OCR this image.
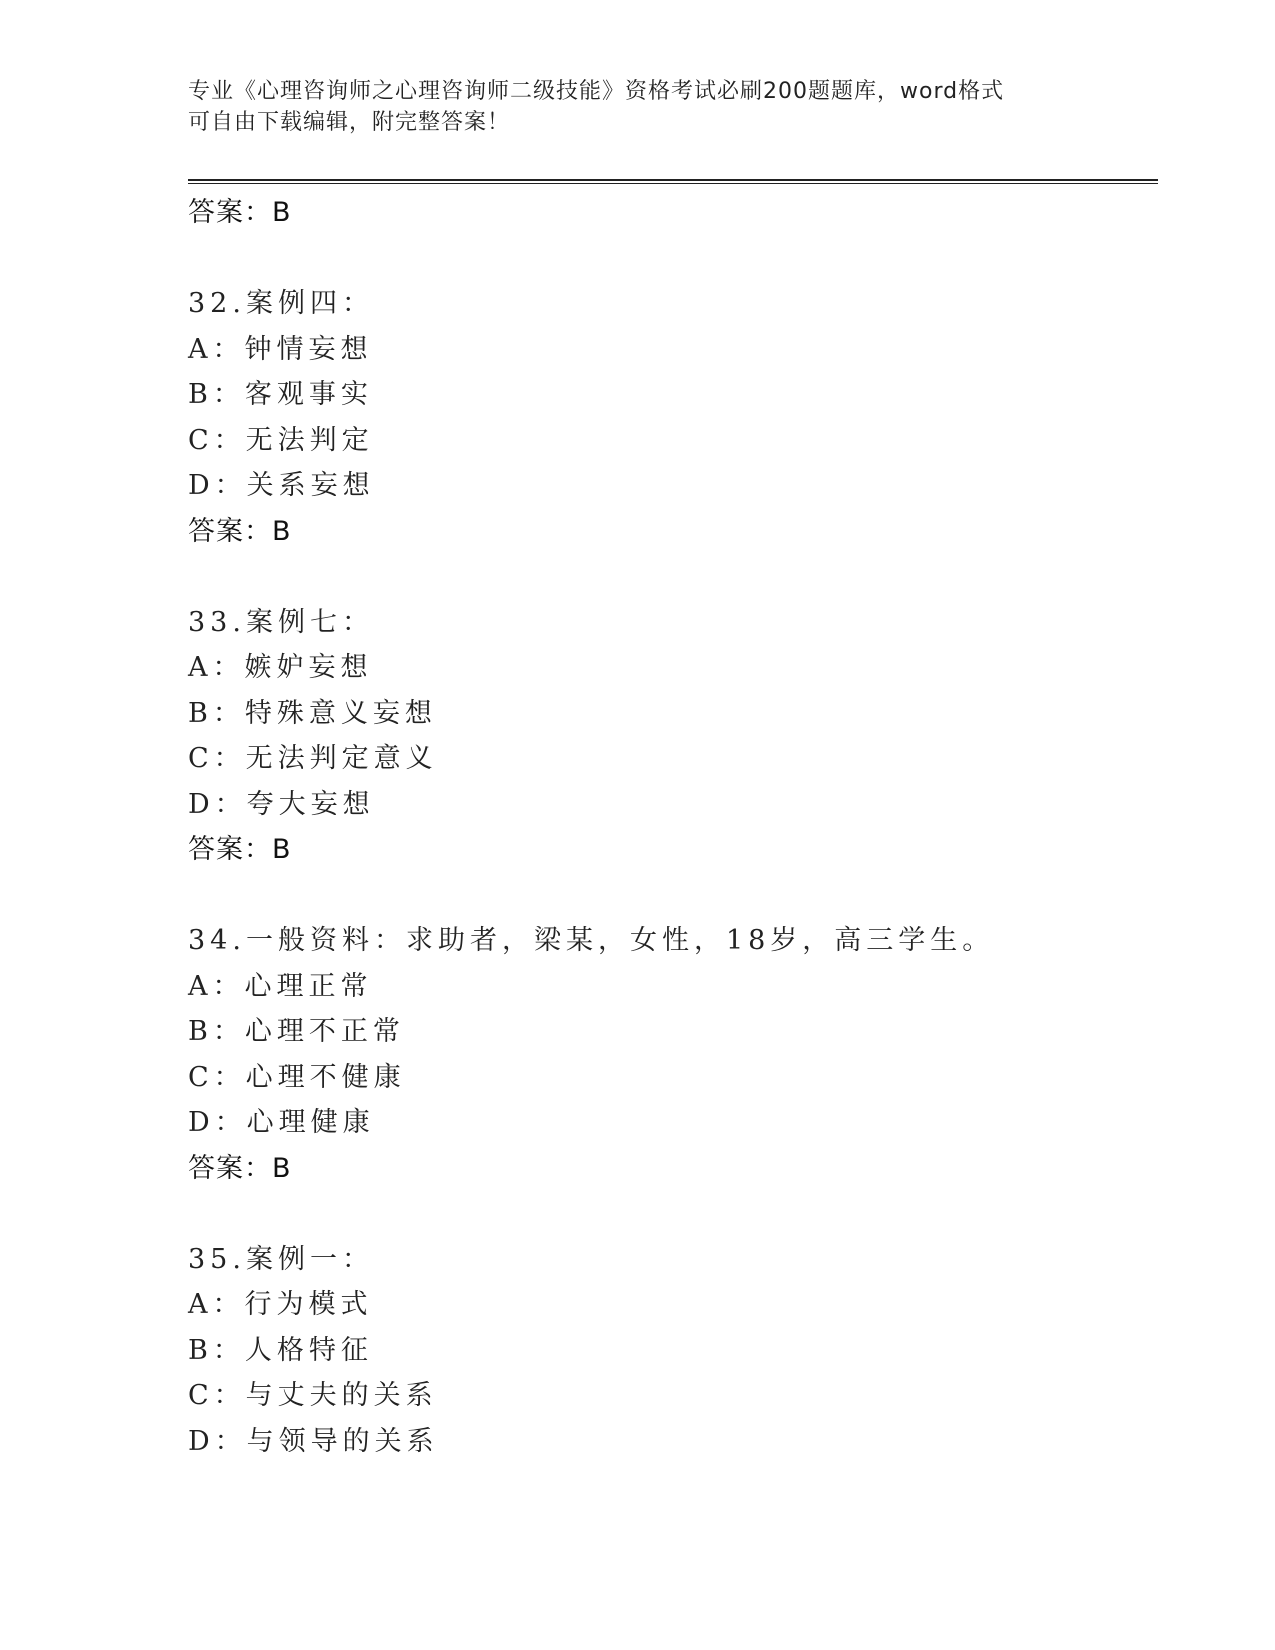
专业《心理咨询师之心理咨询师二级技能》资格考试必刷200题题库，word格式
可自由下载编辑，附完整答案！
答案：B
32.案例四：
A：钟情妄想
B：客观事实
C：无法判定
D：关系妄想
答案：B
33.案例七：
A：嫉妒妄想
B：特殊意义妄想
C：无法判定意义
D：夸大妄想
答案：B
34.一般资料：求助者，梁某，女性，18岁，高三学生。
A：心理正常
B：心理不正常
C：心理不健康
D：心理健康
答案：B
35.案例一：
A：行为模式
B：人格特征
C：与丈夫的关系
D：与领导的关系
